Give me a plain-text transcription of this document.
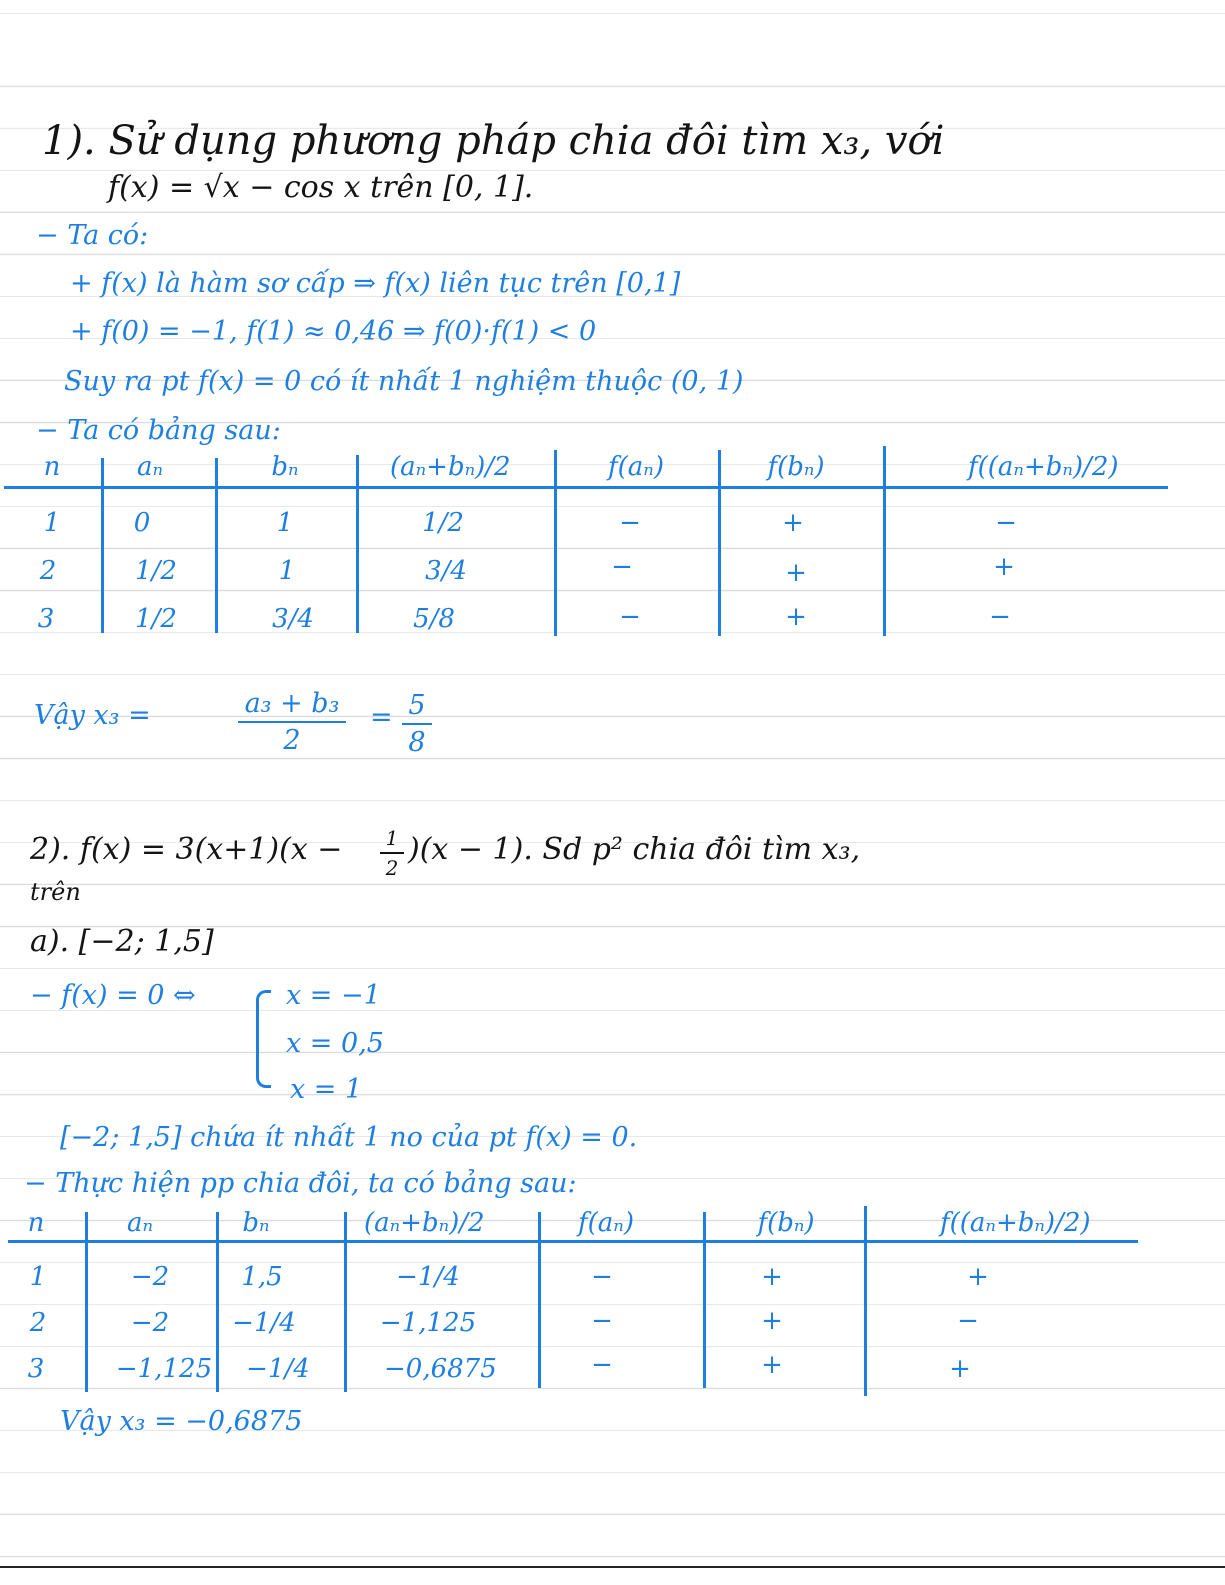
1). Sử dụng phương pháp chia đôi tìm x₃, với
f(x) = √x − cos x trên [0, 1].
− Ta có:
+ f(x) là hàm sơ cấp ⇒ f(x) liên tục trên [0,1]
+ f(0) = −1, f(1) ≈ 0,46 ⇒ f(0)·f(1) < 0
Suy ra pt f(x) = 0 có ít nhất 1 nghiệm thuộc (0, 1)
− Ta có bảng sau:
n	aₙ	bₙ	(aₙ+bₙ)/2	f(aₙ)	f(bₙ)	f((aₙ+bₙ)/2)
1	0	1	1/2	−	+	−
2	1/2	1	3/4	−	+	+
3	1/2	3/4	5/8	−	+	−
Vậy x₃ =	a₃ + b₃
2
= 5
8
2). f(x) = 3(x+1)(x − 1
2
)(x − 1). Sd p² chia đôi tìm x₃,
trên
a). [−2; 1,5]
− f(x) = 0 ⇔	x = −1
x = 0,5
x = 1
[−2; 1,5] chứa ít nhất 1 no của pt f(x) = 0.
− Thực hiện pp chia đôi, ta có bảng sau:
n	aₙ	bₙ	(aₙ+bₙ)/2	f(aₙ)	f(bₙ)	f((aₙ+bₙ)/2)
1	−2	1,5	−1/4	−	+	+
2	−2	−1/4	−1,125	−	+	−
3	−1,125	−1/4	−0,6875	−	+	+
Vậy x₃ = −0,6875
